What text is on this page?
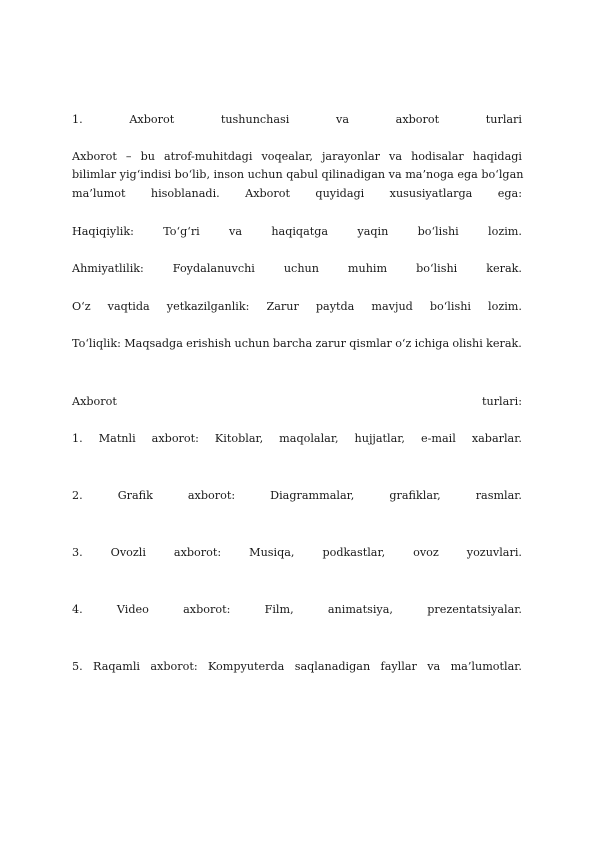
1.	Axborot	tushunchasi	va	axborot	turlari
Axborot – bu atrof-muhitdagi voqealar, jarayonlar va hodisalar haqidagi
bilimlar yig‘indisi bo‘lib, inson uchun qabul qilinadigan va ma’noga ega bo‘lgan
ma’lumot hisoblanadi. Axborot quyidagi xususiyatlarga ega:
Haqiqiylik:	To‘g‘ri	va	haqiqatga	yaqin	bo‘lishi	lozim.
Ahmiyatlilik:	Foydalanuvchi	uchun	muhim	bo‘lishi	kerak.
O‘z vaqtida yetkazilganlik: Zarur paytda mavjud bo‘lishi lozim.
To‘liqlik: Maqsadga erishish uchun barcha zarur qismlar o‘z ichiga olishi kerak.
Axborot	turlari:
1. Matnli axborot: Kitoblar, maqolalar, hujjatlar, e-mail xabarlar.
2.	Grafik	axborot:	Diagrammalar,	grafiklar,	rasmlar.
3. Ovozli axborot: Musiqa, podkastlar, ovoz yozuvlari.
4.	Video	axborot:	Film,	animatsiya,	prezentatsiyalar.
5. Raqamli axborot: Kompyuterda saqlanadigan fayllar va ma’lumotlar.
